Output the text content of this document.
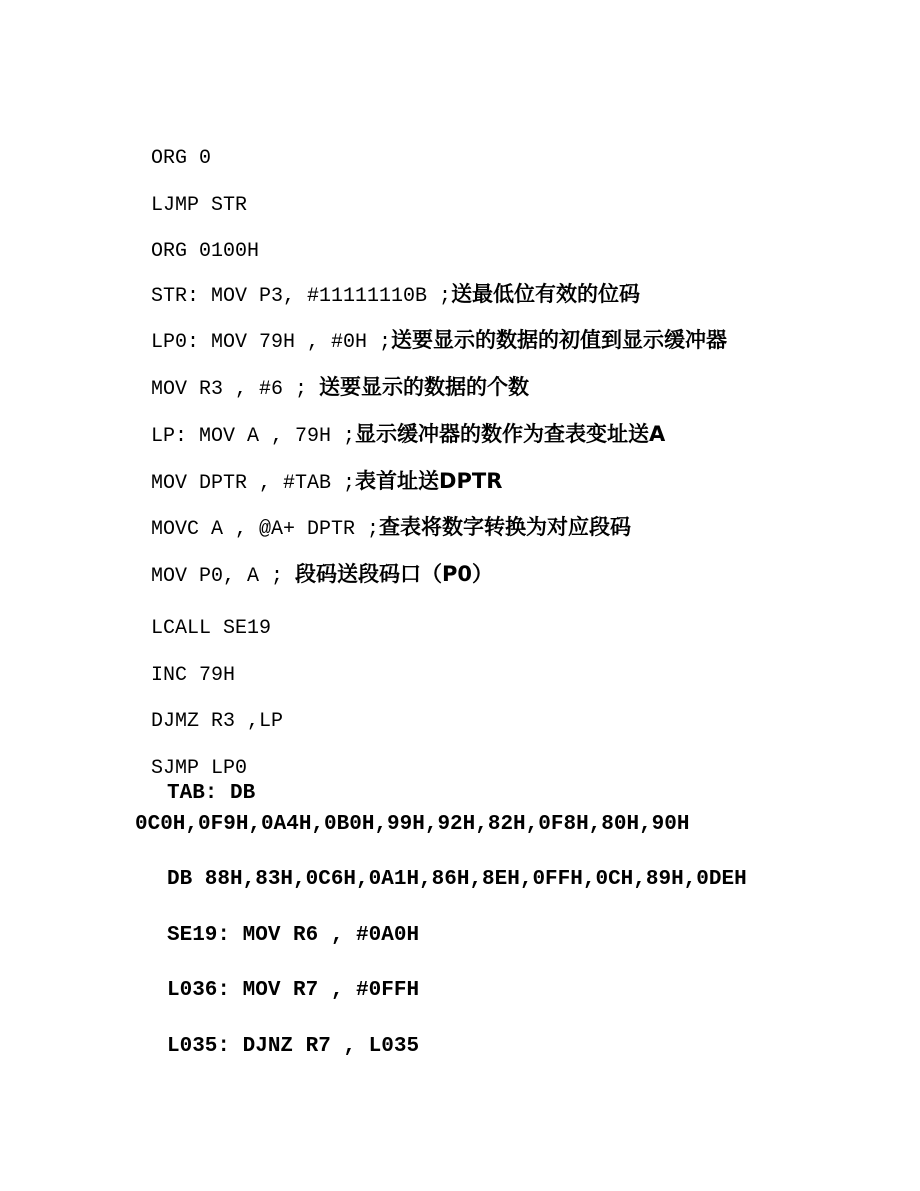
ORG 0

LJMP STR

ORG 0100H

STR: MOV P3, #11111110B ;送最低位有效的位码

LP0: MOV 79H , #0H ;送要显示的数据的初值到显示缓冲器

MOV R3 , #6 ; 送要显示的数据的个数

LP: MOV A , 79H ;显示缓冲器的数作为查表变址送A

MOV DPTR , #TAB ;表首址送DPTR

MOVC A , @A+ DPTR ;查表将数字转换为对应段码

MOV P0, A ; 段码送段码口（P0）

LCALL SE19

INC 79H

DJMZ R3 ,LP

SJMP LP0

TAB: DB
0C0H,0F9H,0A4H,0B0H,99H,92H,82H,0F8H,80H,90H
DB 88H,83H,0C6H,0A1H,86H,8EH,0FFH,0CH,89H,0DEH
SE19: MOV R6 , #0A0H
L036: MOV R7 , #0FFH
L035: DJNZ R7 , L035
